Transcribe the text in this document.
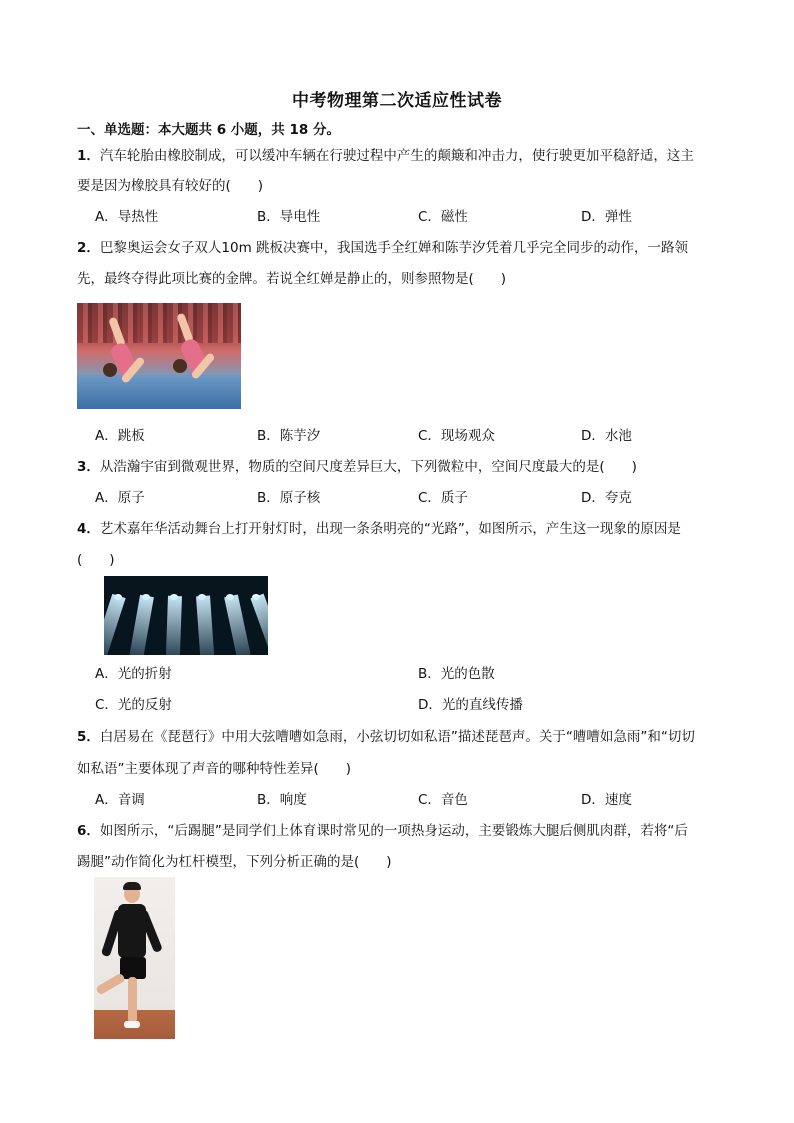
中考物理第二次适应性试卷
一、单选题：本大题共 6 小题，共 18 分。
1．汽车轮胎由橡胶制成，可以缓冲车辆在行驶过程中产生的颠簸和冲击力，使行驶更加平稳舒适，这主
要是因为橡胶具有较好的(　　)
A．导热性	B．导电性	C．磁性	D．弹性
2．巴黎奥运会女子双人10m 跳板决赛中，我国选手全红婵和陈芋汐凭着几乎完全同步的动作，一路领
先，最终夺得此项比赛的金牌。若说全红婵是静止的，则参照物是(　　)
A．跳板	B．陈芋汐	C．现场观众	D．水池
3．从浩瀚宇宙到微观世界，物质的空间尺度差异巨大，下列微粒中，空间尺度最大的是(　　)
A．原子	B．原子核	C．质子	D．夸克
4．艺术嘉年华活动舞台上打开射灯时，出现一条条明亮的“光路”，如图所示，产生这一现象的原因是
(　　)
A．光的折射	B．光的色散
C．光的反射	D．光的直线传播
5．白居易在《琵琶行》中用大弦嘈嘈如急雨，小弦切切如私语”描述琵琶声。关于“嘈嘈如急雨”和“切切
如私语”主要体现了声音的哪种特性差异(　　)
A．音调	B．响度	C．音色	D．速度
6．如图所示，“后踢腿”是同学们上体育课时常见的一项热身运动，主要锻炼大腿后侧肌肉群，若将“后
踢腿”动作简化为杠杆模型，下列分析正确的是(　　)
